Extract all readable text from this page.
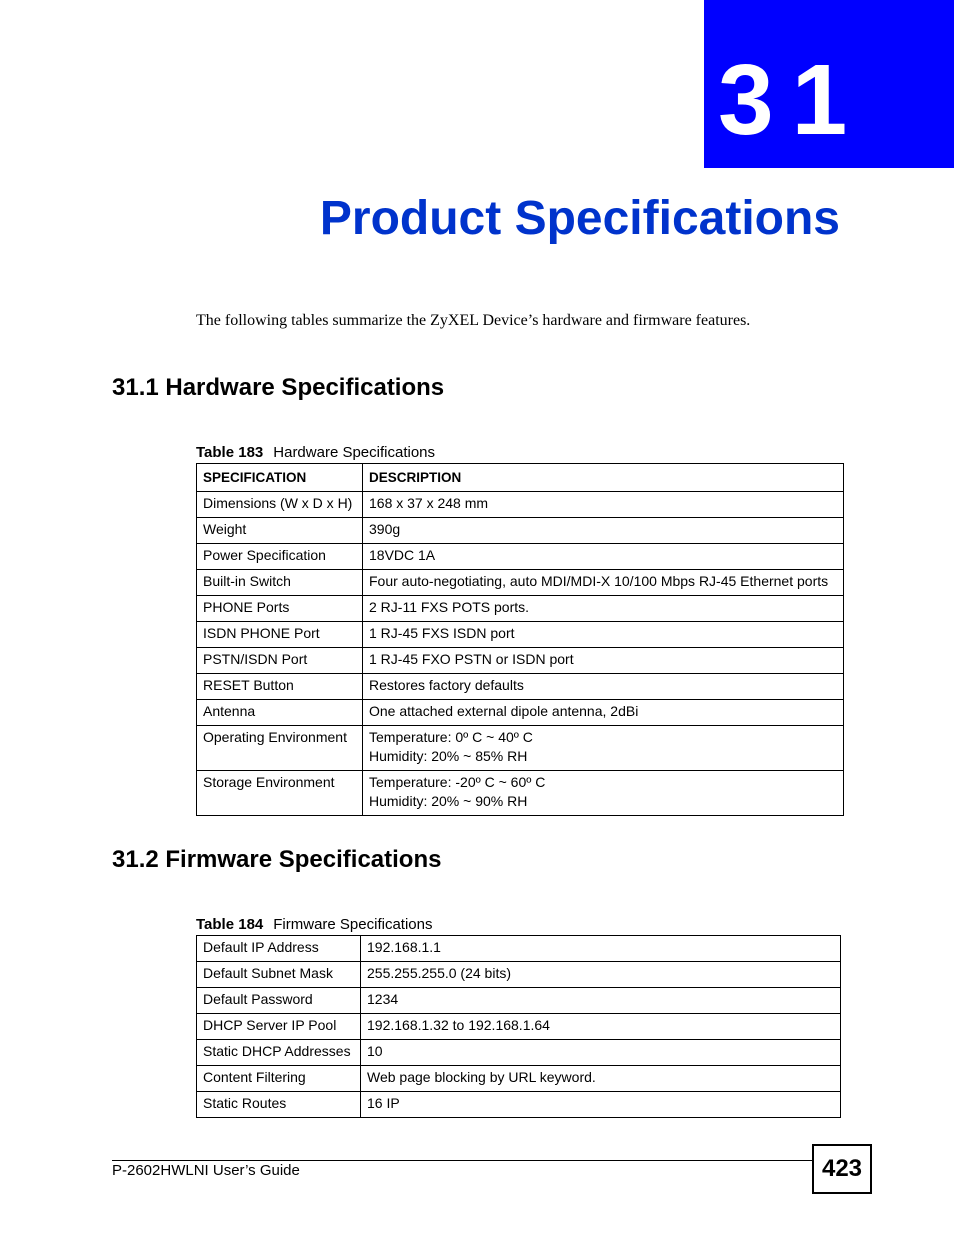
31
Product Specifications
The following tables summarize the ZyXEL Device’s hardware and firmware features.
31.1 Hardware Specifications
Table 183 Hardware Specifications
SPECIFICATION	DESCRIPTION
Dimensions (W x D x H)	168 x 37 x 248 mm
Weight	390g
Power Specification	18VDC 1A
Built-in Switch	Four auto-negotiating, auto MDI/MDI-X 10/100 Mbps RJ-45 Ethernet ports
PHONE Ports	2 RJ-11 FXS POTS ports.
ISDN PHONE Port	1 RJ-45 FXS ISDN port
PSTN/ISDN Port	1 RJ-45 FXO PSTN or ISDN port
RESET Button	Restores factory defaults
Antenna	One attached external dipole antenna, 2dBi
Operating Environment	Temperature: 0º C ~ 40º C
Humidity: 20% ~ 85% RH

Storage Environment	Temperature: -20º C ~ 60º C
Humidity: 20% ~ 90% RH
31.2 Firmware Specifications
Table 184 Firmware Specifications
Default IP Address	192.168.1.1
Default Subnet Mask	255.255.255.0 (24 bits)
Default Password	1234
DHCP Server IP Pool	192.168.1.32 to 192.168.1.64
Static DHCP Addresses	10
Content Filtering	Web page blocking by URL keyword.
Static Routes	16 IP
P-2602HWLNI User’s Guide	423
